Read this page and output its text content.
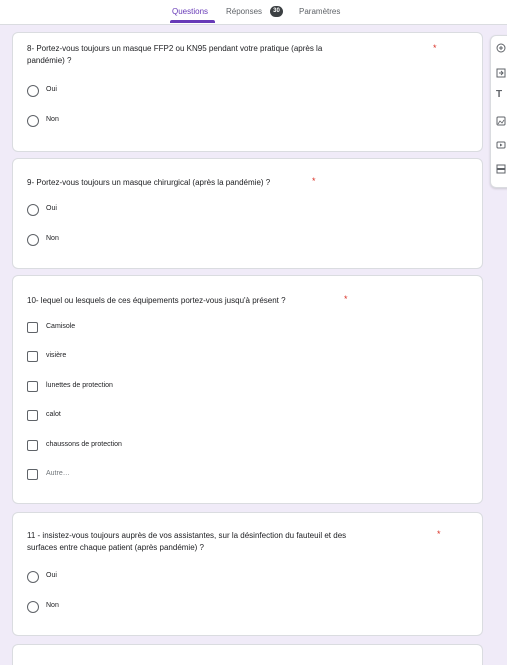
Questions Réponses	30	Paramètres
8- Portez-vous toujours un masque FFP2 ou KN95 pendant votre pratique (après la
pandémie) ?
*
Oui
Non
9- Portez-vous toujours un masque chirurgical (après la pandémie) ?	*
Oui
Non
10- lequel ou lesquels de ces équipements portez-vous jusqu'à présent ?	*
Camisole
visière
lunettes de protection
calot
chaussons de protection
Autre…
11 - insistez-vous toujours auprès de vos assistantes, sur la désinfection du fauteuil et des
surfaces entre chaque patient (après pandémie) ?
*
Oui
Non
T
